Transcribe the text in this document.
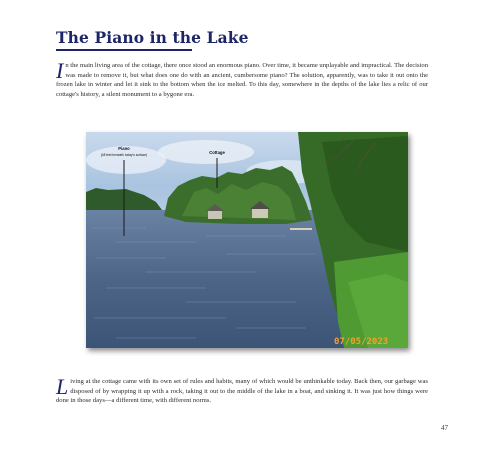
The Piano in the Lake

In the main living area of the cottage, there once stood an enormous piano. Over time, it became unplayable and impractical. The decision was made to remove it, but what does one do with an ancient, cumbersome piano? The solution, apparently, was to take it out onto the frozen lake in winter and let it sink to the bottom when the ice melted. To this day, somewhere in the depths of the lake lies a relic of our cottage's history, a silent monument to a bygone era.

Piano
(48 feet beneath today's surface)	Cottage
07/05/2023

Living at the cottage came with its own set of rules and habits, many of which would be unthinkable today. Back then, our garbage was disposed of by wrapping it up with a rock, taking it out to the middle of the lake in a boat, and sinking it. It was just how things were done in those days—a different time, with different norms.

47
